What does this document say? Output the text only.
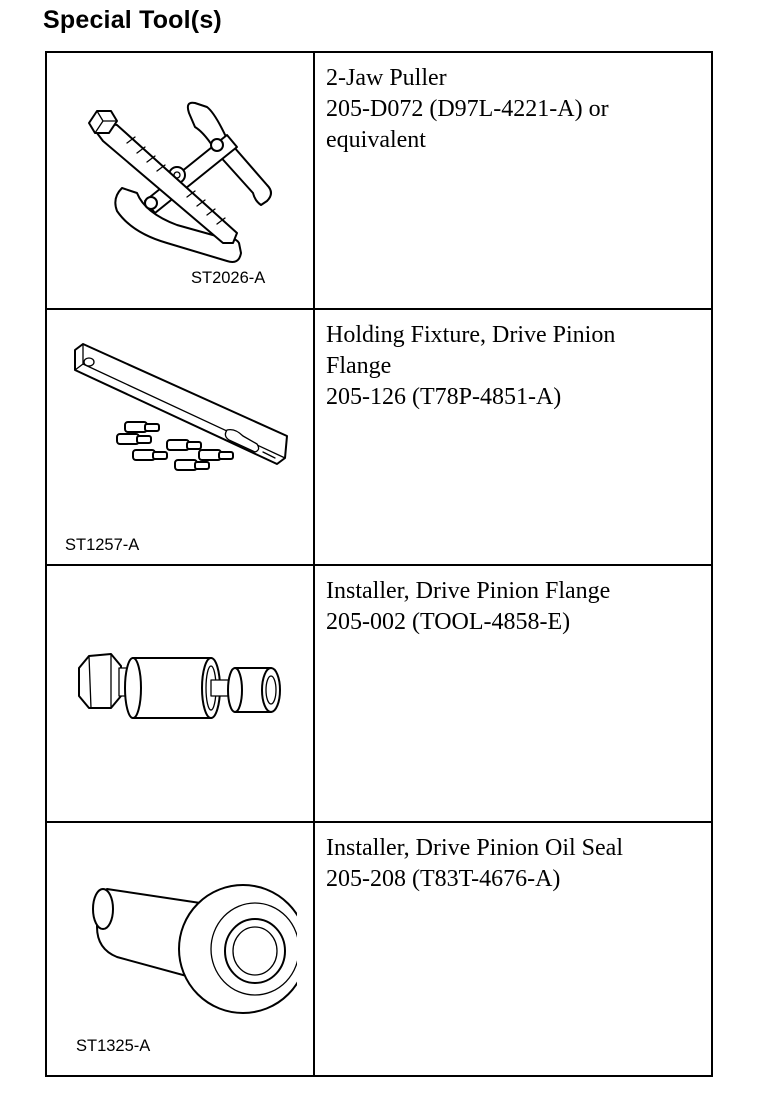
Special Tool(s)
ST2026-A	2-Jaw Puller
205-D072 (D97L-4221-A) or
equivalent

ST1257-A	Holding Fixture, Drive Pinion
Flange
205-126 (T78P-4851-A)

Installer, Drive Pinion Flange
205-002 (TOOL-4858-E)

ST1325-A	Installer, Drive Pinion Oil Seal
205-208 (T83T-4676-A)
